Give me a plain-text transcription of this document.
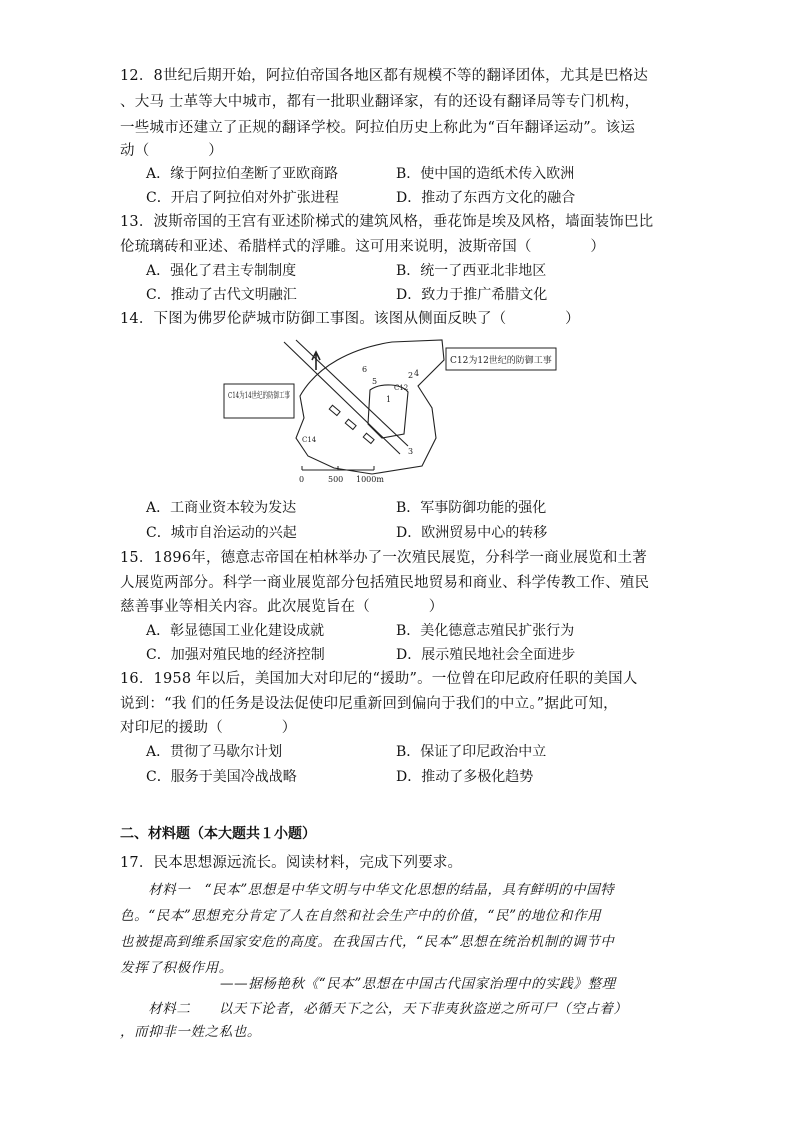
12．8世纪后期开始，阿拉伯帝国各地区都有规模不等的翻译团体，尤其是巴格达
、大马 士革等大中城市，都有一批职业翻译家，有的还设有翻译局等专门机构，
一些城市还建立了正规的翻译学校。阿拉伯历史上称此为“百年翻译运动”。该运
动（　　　　）
A．缘于阿拉伯垄断了亚欧商路	B．使中国的造纸术传入欧洲
C．开启了阿拉伯对外扩张进程	D．推动了东西方文化的融合
13．波斯帝国的王宫有亚述阶梯式的建筑风格，垂花饰是埃及风格，墙面装饰巴比
伦琉璃砖和亚述、希腊样式的浮雕。这可用来说明，波斯帝国（　　　　）
A．强化了君主专制制度	B．统一了西亚北非地区
C．推动了古代文明融汇	D．致力于推广希腊文化
14．下图为佛罗伦萨城市防御工事图。该图从侧面反映了（　　　　）
1
2
3
4
5
6
C12
C14
C12为12世纪的防御工事
C14为14世纪的防御工事
0	500 1000m
A．工商业资本较为发达	B．军事防御功能的强化
C．城市自治运动的兴起	D．欧洲贸易中心的转移
15．1896年，德意志帝国在柏林举办了一次殖民展览，分科学一商业展览和土著
人展览两部分。科学一商业展览部分包括殖民地贸易和商业、科学传教工作、殖民
慈善事业等相关内容。此次展览旨在（　　　　）
A．彰显德国工业化建设成就	B．美化德意志殖民扩张行为
C．加强对殖民地的经济控制	D．展示殖民地社会全面进步
16．1958 年以后，美国加大对印尼的“援助”。一位曾在印尼政府任职的美国人
说到：“我 们的任务是设法促使印尼重新回到偏向于我们的中立。”据此可知，
对印尼的援助（　　　　）
A．贯彻了马歇尔计划	B．保证了印尼政治中立
C．服务于美国冷战战略	D．推动了多极化趋势
二、材料题（本大题共１小题）
17．民本思想源远流长。阅读材料，完成下列要求。
　　材料一　“民本”思想是中华文明与中华文化思想的结晶，具有鲜明的中国特
色。“民本”思想充分肯定了人在自然和社会生产中的价值，“民”的地位和作用
也被提高到维系国家安危的高度。在我国古代，“民本”思想在统治机制的调节中
发挥了积极作用。
——据杨艳秋《“民本”思想在中国古代国家治理中的实践》整理
　　材料二　　以天下论者，必循天下之公，天下非夷狄盗逆之所可尸（空占着）
，而抑非一姓之私也。
